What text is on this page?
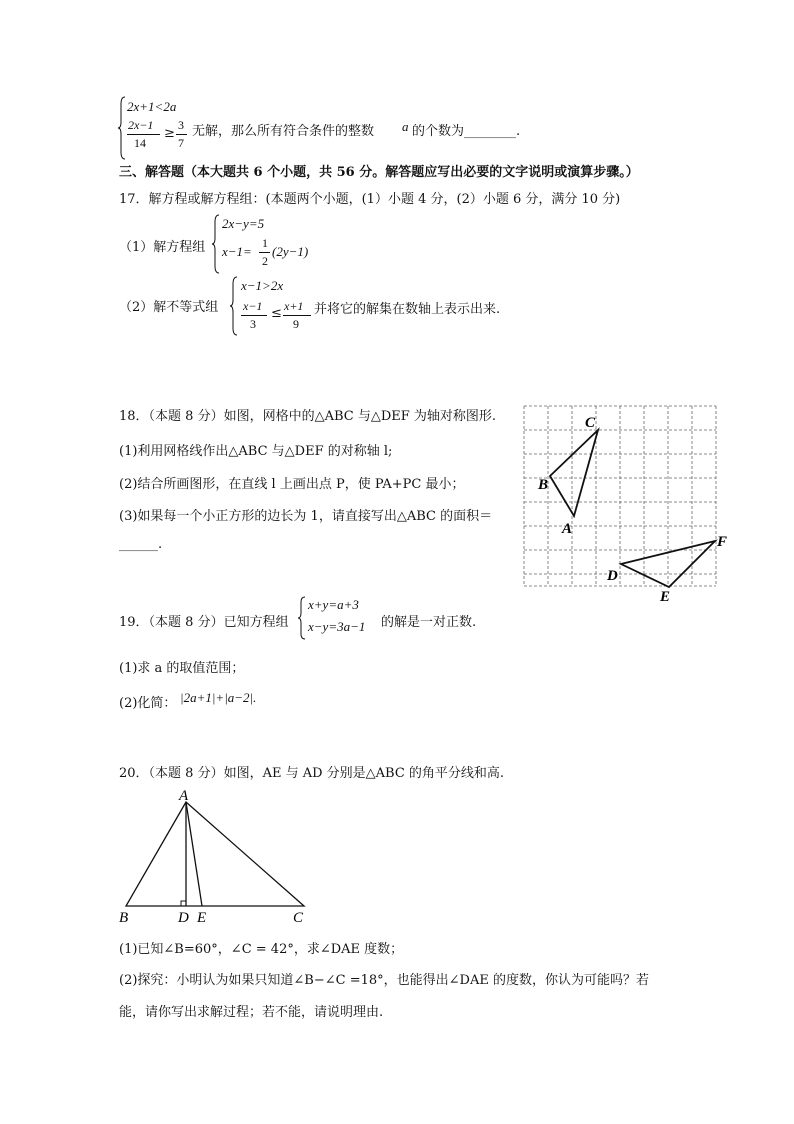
2x+1<2a
2x−1
14
≥
3
7
无解，那么所有符合条件的整数 a 的个数为________.
三、解答题（本大题共 6 个小题，共 56 分。解答题应写出必要的文字说明或演算步骤。）
17．解方程或解方程组：(本题两个小题，(1）小题 4 分，(2）小题 6 分，满分 10 分)
（1）解方程组
2x−y=5
x−1=
1
2
(2y−1)
（2）解不等式组
x−1>2x
x−1
3
≤ x+1
9
并将它的解集在数轴上表示出来.
18．（本题 8 分）如图，网格中的△ABC 与△DEF 为轴对称图形.
(1)利用网格线作出△ABC 与△DEF 的对称轴 l;
(2)结合所画图形，在直线 l 上画出点 P，使 PA+PC 最小；
(3)如果每一个小正方形的边长为 1，请直接写出△ABC 的面积＝
______.
C
B
A
F
D
E
19．（本题 8 分）已知方程组
x+y=a+3
x−y=3a−1 的解是一对正数.
(1)求 a 的取值范围；
(2)化简： |2a+1|+|a−2|.
20．（本题 8 分）如图，AE 与 AD 分别是△ABC 的角平分线和高.
A
B	D E	C
(1)已知∠B=60°，∠C = 42°，求∠DAE 度数；
(2)探究：小明认为如果只知道∠B−∠C =18°，也能得出∠DAE 的度数，你认为可能吗？若
能，请你写出求解过程；若不能，请说明理由.
